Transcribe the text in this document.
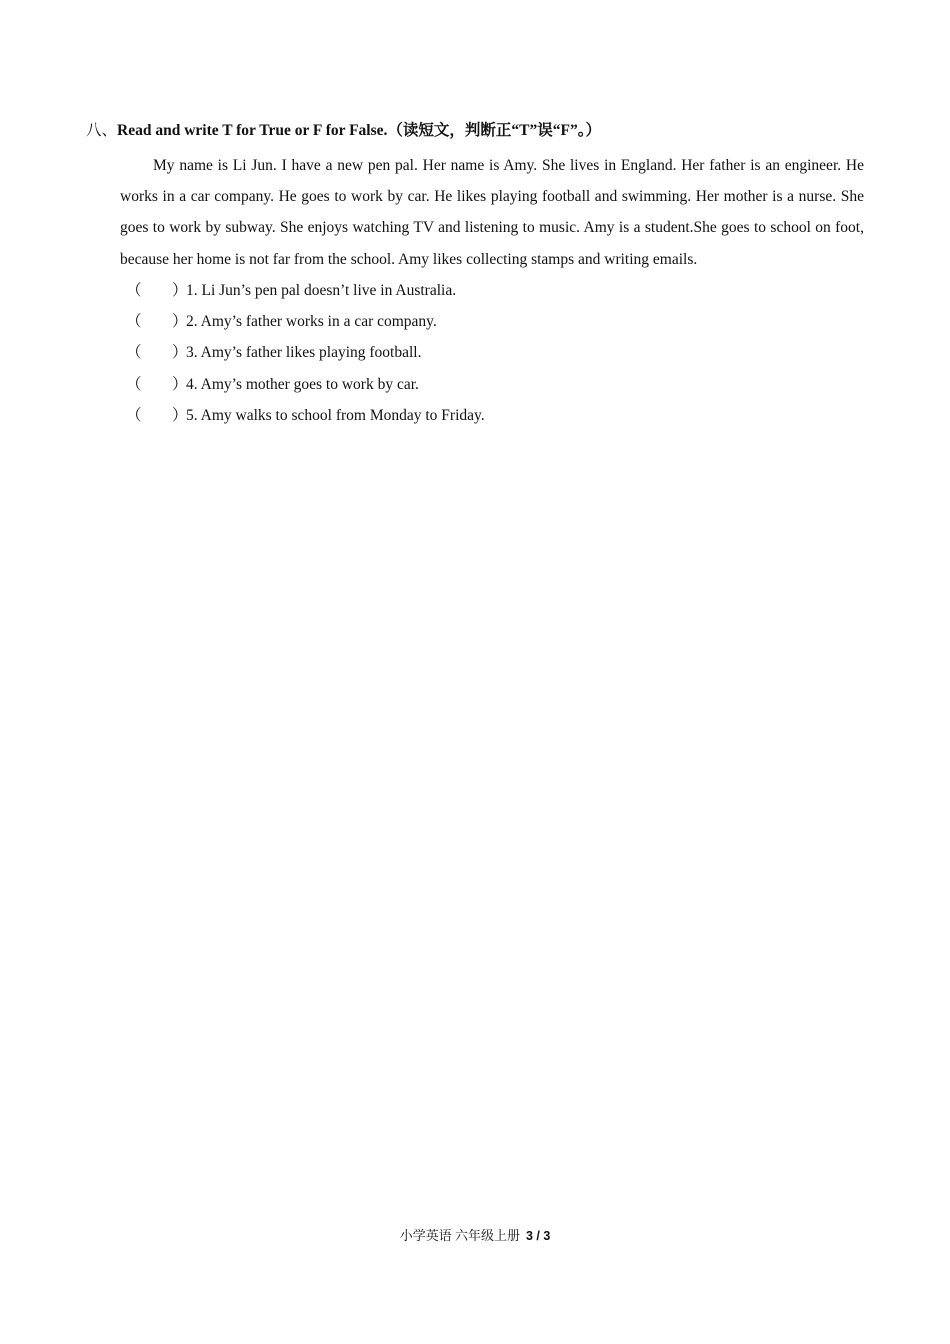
八、Read and write T for True or F for False.（读短文，判断正“T”误“F”。）

My name is Li Jun. I have a new pen pal. Her name is Amy. She lives in England. Her father is an engineer. He works in a car company. He goes to work by car. He likes playing football and swimming. Her mother is a nurse. She goes to work by subway. She enjoys watching TV and listening to music. Amy is a student.She goes to school on foot, because her home is not far from the school. Amy likes collecting stamps and writing emails.

（ ）
1. Li Jun’s pen pal doesn’t live in Australia.
（ ）
2. Amy’s father works in a car company.
（ ）
3. Amy’s father likes playing football.
（ ）
4. Amy’s mother goes to work by car.
（ ）
5. Amy walks to school from Monday to Friday.
小学英语 六年级上册 3 / 3
